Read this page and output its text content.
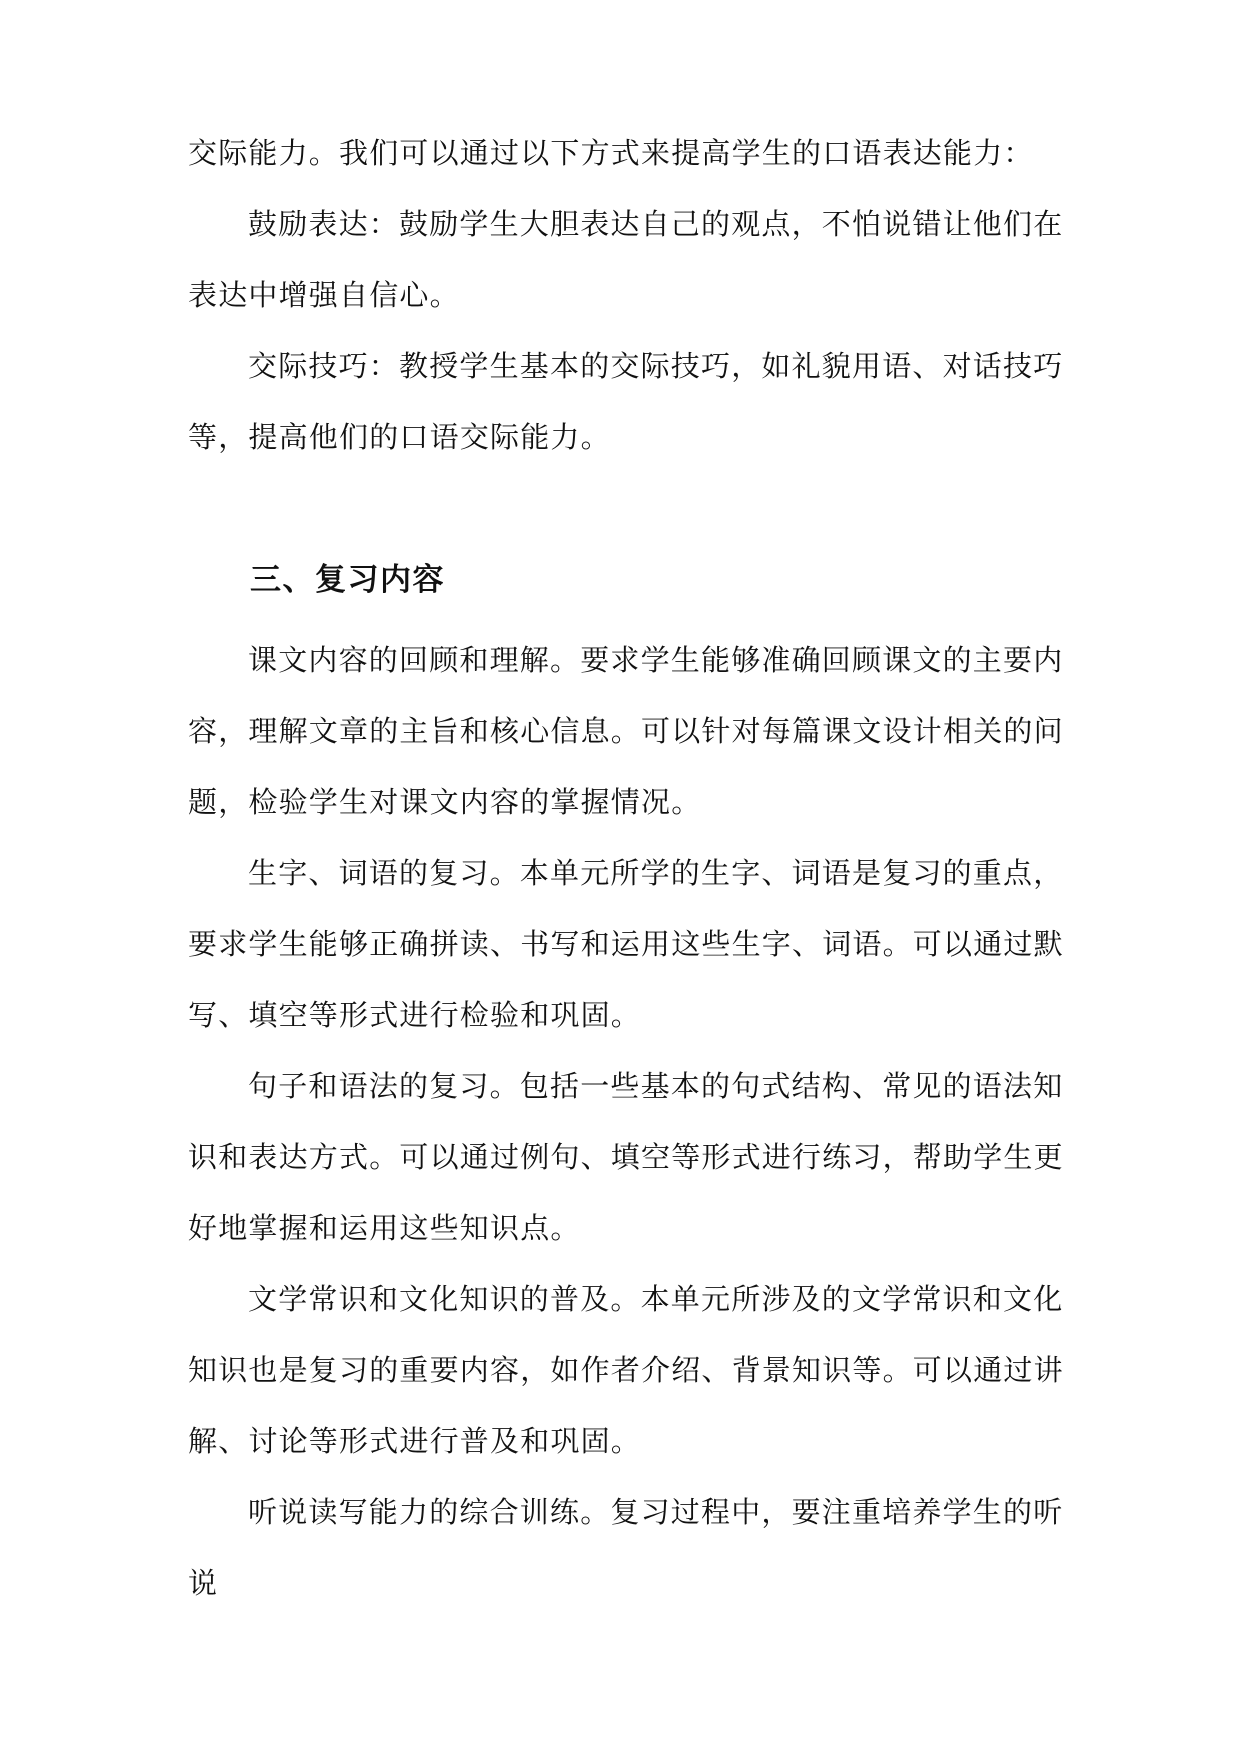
交际能力。我们可以通过以下方式来提高学生的口语表达能力：

鼓励表达：鼓励学生大胆表达自己的观点，不怕说错让他们在表达中增强自信心。

交际技巧：教授学生基本的交际技巧，如礼貌用语、对话技巧等，提高他们的口语交际能力。

三、复习内容

课文内容的回顾和理解。要求学生能够准确回顾课文的主要内容，理解文章的主旨和核心信息。可以针对每篇课文设计相关的问题，检验学生对课文内容的掌握情况。

生字、词语的复习。本单元所学的生字、词语是复习的重点，要求学生能够正确拼读、书写和运用这些生字、词语。可以通过默写、填空等形式进行检验和巩固。

句子和语法的复习。包括一些基本的句式结构、常见的语法知识和表达方式。可以通过例句、填空等形式进行练习，帮助学生更好地掌握和运用这些知识点。

文学常识和文化知识的普及。本单元所涉及的文学常识和文化知识也是复习的重要内容，如作者介绍、背景知识等。可以通过讲解、讨论等形式进行普及和巩固。

听说读写能力的综合训练。复习过程中，要注重培养学生的听说
